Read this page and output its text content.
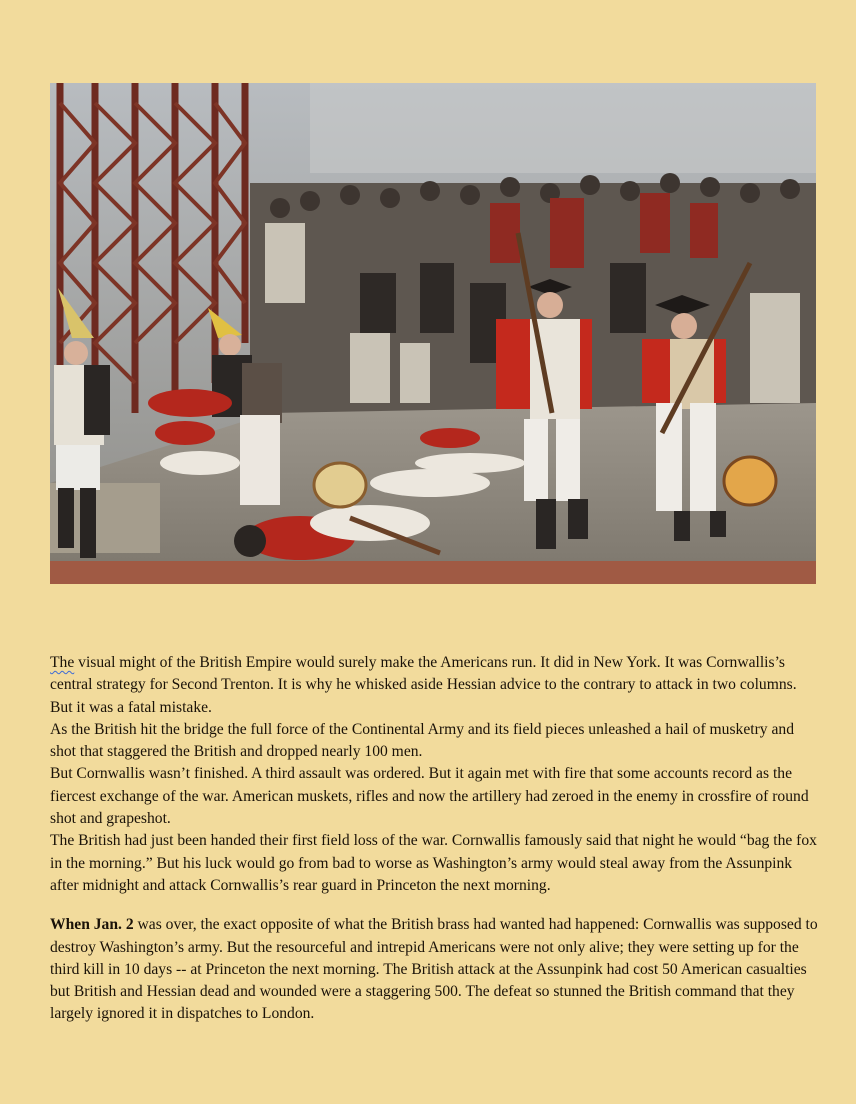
The visual might of the British Empire would surely make the Americans run. It did in New York. It was Cornwallis’s central strategy for Second Trenton. It is why he whisked aside Hessian advice to the contrary to attack in two columns. But it was a fatal mistake.

As the British hit the bridge the full force of the Continental Army and its field pieces unleashed a hail of musketry and shot that staggered the British and dropped nearly 100 men.

But Cornwallis wasn’t finished. A third assault was ordered. But it again met with fire that some accounts record as the fiercest exchange of the war. American muskets, rifles and now the artillery had zeroed in the enemy in crossfire of round shot and grapeshot.

The British had just been handed their first field loss of the war. Cornwallis famously said that night he would “bag the fox in the morning.” But his luck would go from bad to worse as Washington’s army would steal away from the Assunpink after midnight and attack Cornwallis’s rear guard in Princeton the next morning.

When Jan. 2 was over, the exact opposite of what the British brass had wanted had happened: Cornwallis was supposed to destroy Washington’s army. But the resourceful and intrepid Americans were not only alive; they were setting up for the third kill in 10 days -- at Princeton the next morning. The British attack at the Assunpink had cost 50 American casualties but British and Hessian dead and wounded were a staggering 500. The defeat so stunned the British command that they largely ignored it in dispatches to London.
